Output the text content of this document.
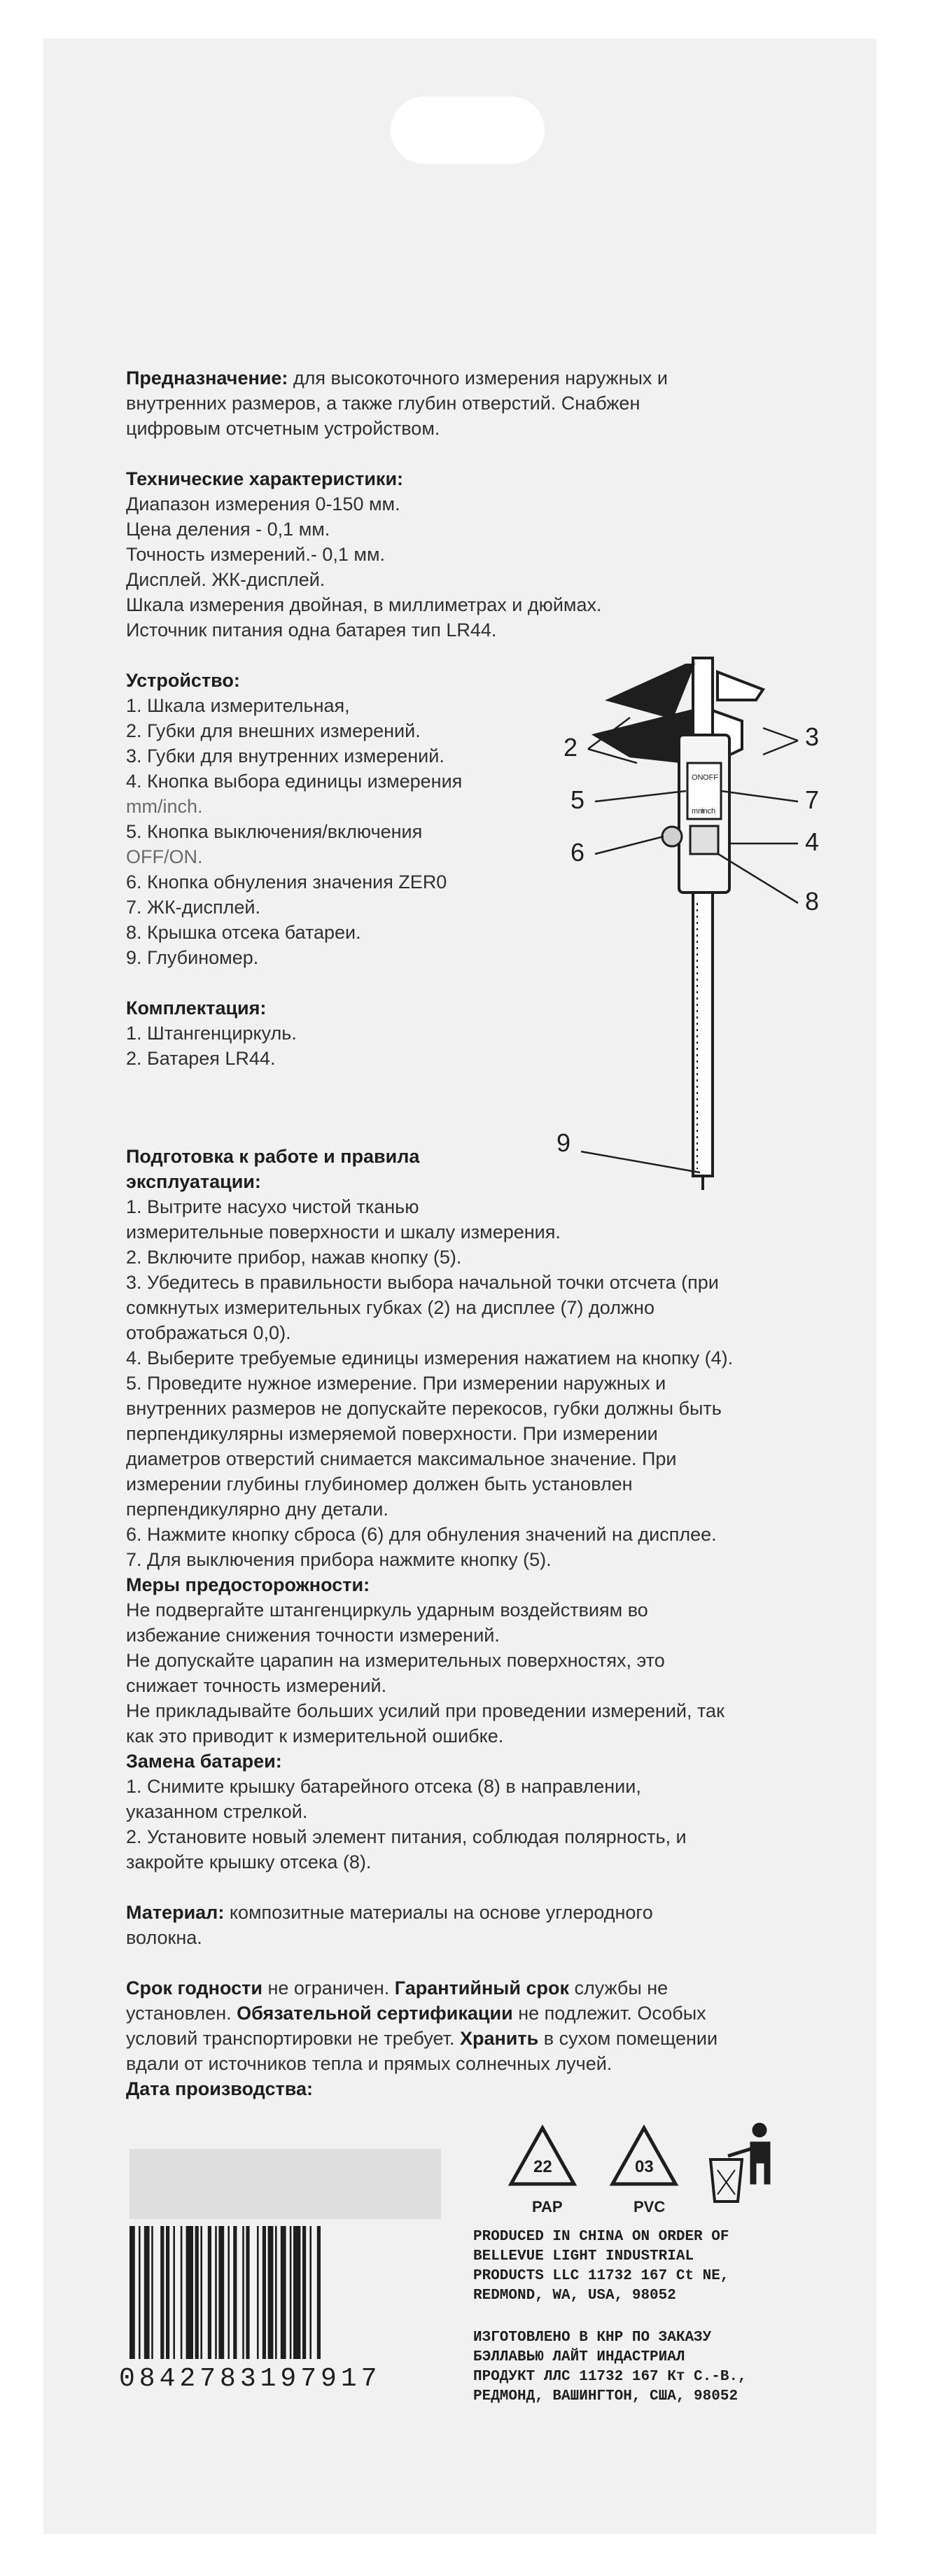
Предназначение: для высокоточного измерения наружных и
внутренних размеров, а также глубин отверстий. Снабжен
цифровым отсчетным устройством.
Технические характеристики:
Диапазон измерения 0-150 мм.
Цена деления - 0,1 мм.
Точность измерений.- 0,1 мм.
Дисплей. ЖК-дисплей.
Шкала измерения двойная, в миллиметрах и дюймах.
Источник питания одна батарея тип LR44.
Устройство:
1. Шкала измерительная,
2. Губки для внешних измерений.
3. Губки для внутренних измерений.
4. Кнопка выбора единицы измерения
mm/inch.
5. Кнопка выключения/включения
OFF/ON.
6. Кнопка обнуления значения ZER0
7. ЖК-дисплей.
8. Крышка отсека батареи.
9. Глубиномер.
Комплектация:
1. Штангенциркуль.
2. Батарея LR44.
Подготовка к работе и правила
эксплуатации:
1. Вытрите насухо чистой тканью
измерительные поверхности и шкалу измерения.
2. Включите прибор, нажав кнопку (5).
3. Убедитесь в правильности выбора начальной точки отсчета (при
сомкнутых измерительных губках (2) на дисплее (7) должно
отображаться 0,0).
4. Выберите требуемые единицы измерения нажатием на кнопку (4).
5. Проведите нужное измерение. При измерении наружных и
внутренних размеров не допускайте перекосов, губки должны быть
перпендикулярны измеряемой поверхности. При измерении
диаметров отверстий снимается максимальное значение. При
измерении глубины глубиномер должен быть установлен
перпендикулярно дну детали.
6. Нажмите кнопку сброса (6) для обнуления значений на дисплее.
7. Для выключения прибора нажмите кнопку (5).
Меры предосторожности:
Не подвергайте штангенциркуль ударным воздействиям во
избежание снижения точности измерений.
Не допускайте царапин на измерительных поверхностях, это
снижает точность измерений.
Не прикладывайте больших усилий при проведении измерений, так
как это приводит к измерительной ошибке.
Замена батареи:
1. Снимите крышку батарейного отсека (8) в направлении,
указанном стрелкой.
2. Установите новый элемент питания, соблюдая полярность, и
закройте крышку отсека (8).
Материал: композитные материалы на основе углеродного
волокна.
Срок годности не ограничен. Гарантийный срок службы не
установлен. Обязательной сертификации не подлежит. Особых
условий транспортировки не требует. Хранить в сухом помещении
вдали от источников тепла и прямых солнечных лучей.
Дата производства:
ON OFF
mm
inch
2	3
7
5
4
6
8
9
0842783197917
22	03
PAP	PVC
PRODUCED IN CHINA ON ORDER OF
BELLEVUE LIGHT INDUSTRIAL
PRODUCTS LLC 11732 167 Ct NE,
REDMOND, WA, USA, 98052
ИЗГОТОВЛЕНО В КНР ПО ЗАКАЗУ
БЭЛЛАВЬЮ ЛАЙТ ИНДАСТРИАЛ
ПРОДУКТ ЛЛС 11732 167 Кт С.-В.,
РЕДМОНД, ВАШИНГТОН, США, 98052
